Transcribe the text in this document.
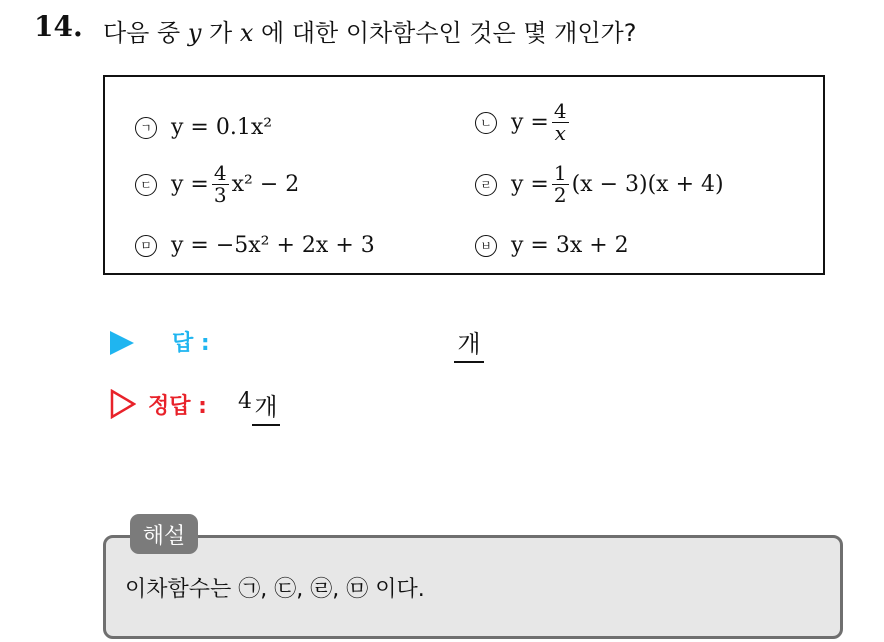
14. 다음 중 y 가 x 에 대한 이차함수인 것은 몇 개인가?
ㄱ y = 0.1x²	ㄴ $y = \frac{4}{x}$
ㄷ $y = \frac{4}{3} x^2 - 2$	ㄹ $y = \frac{1}{2} (x - 3)(x + 4)$
ㅁ y = −5x² + 2x + 3	ㅂ y = 3x + 2
답 :	개
정답 : 4 개
해설
이차함수는 ㉠, ㉢, ㉣, ㉤ 이다.
